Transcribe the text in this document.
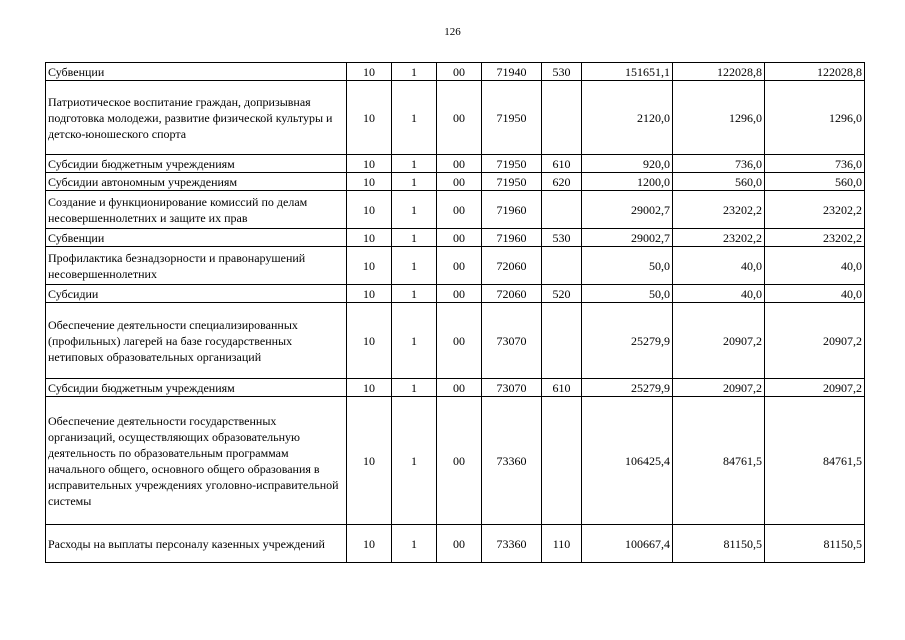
126
Субвенции	10	1	00	71940	530	151651,1	122028,8	122028,8
Патриотическое воспитание граждан, допризывная подготовка молодежи, развитие физической культуры и детско-юношеского спорта	10	1	00	71950		2120,0	1296,0	1296,0
Субсидии бюджетным учреждениям	10	1	00	71950	610	920,0	736,0	736,0
Субсидии автономным учреждениям	10	1	00	71950	620	1200,0	560,0	560,0
Создание и функционирование комиссий по делам несовершеннолетних и защите их прав	10	1	00	71960		29002,7	23202,2	23202,2
Субвенции	10	1	00	71960	530	29002,7	23202,2	23202,2
Профилактика безнадзорности и правонарушений несовершеннолетних	10	1	00	72060		50,0	40,0	40,0
Субсидии	10	1	00	72060	520	50,0	40,0	40,0
Обеспечение деятельности специализированных (профильных) лагерей на базе государственных нетиповых образовательных организаций	10	1	00	73070		25279,9	20907,2	20907,2
Субсидии бюджетным учреждениям	10	1	00	73070	610	25279,9	20907,2	20907,2
Обеспечение деятельности государственных организаций, осуществляющих образовательную деятельность по образовательным программам начального общего, основного общего образования в исправительных учреждениях уголовно-исправительной системы	10	1	00	73360		106425,4	84761,5	84761,5
Расходы на выплаты персоналу казенных учреждений	10	1	00	73360	110	100667,4	81150,5	81150,5
